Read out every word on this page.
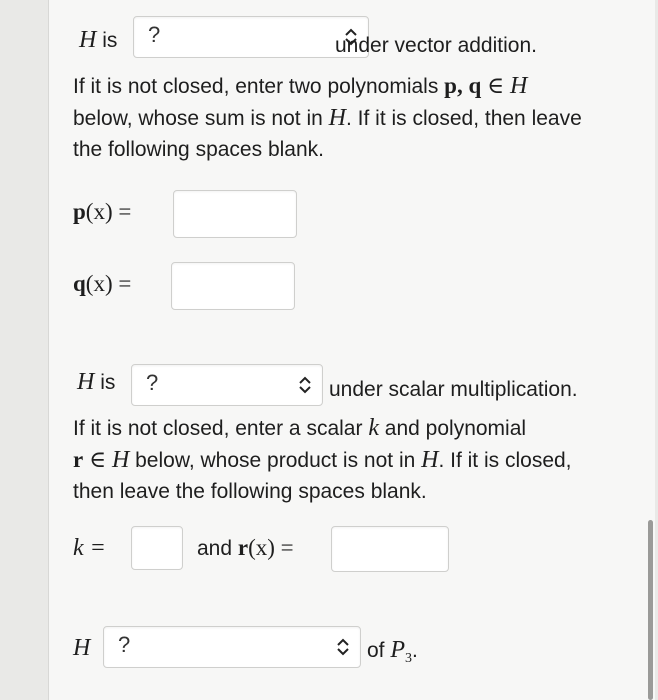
H is ?	under vector addition.
If it is not closed, enter two polynomials p, q ∈ H
below, whose sum is not in H. If it is closed, then leave
the following spaces blank.
p(x) =
q(x) =
H is ?	under scalar multiplication.
If it is not closed, enter a scalar k and polynomial
r ∈ H below, whose product is not in H. If it is closed,
then leave the following spaces blank.
k =	and r(x) =
H ?	of $P_3$.
